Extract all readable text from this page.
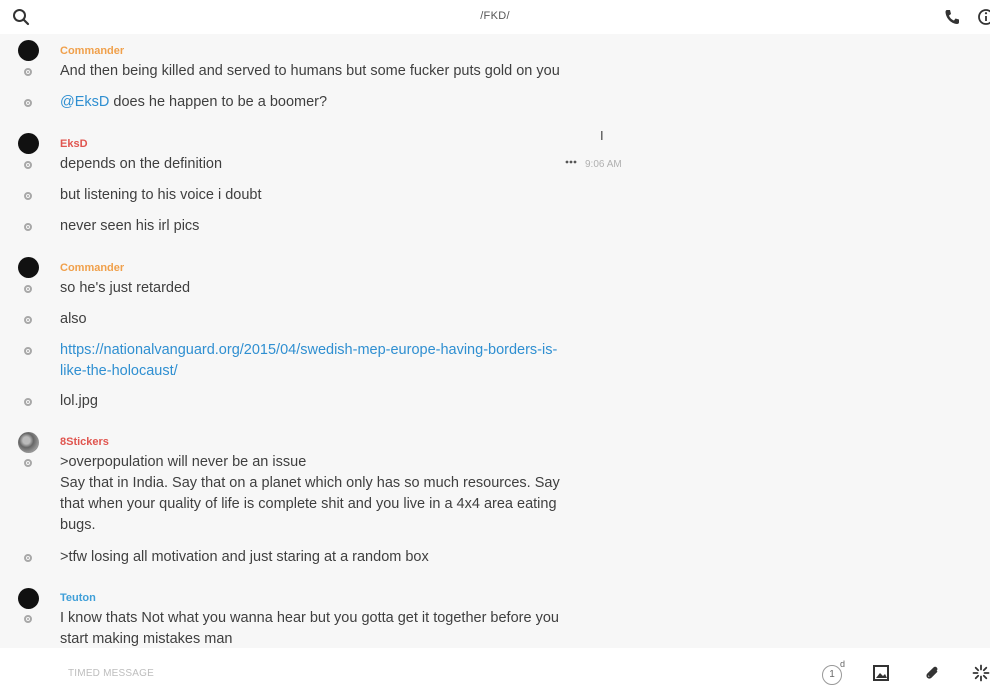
/FKD/
Commander
And then being killed and served to humans but some fucker puts gold on you
@EksD does he happen to be a boomer?
EksD
depends on the definition	9:06 AM
but listening to his voice i doubt
never seen his irl pics
Commander
so he's just retarded
also
https://nationalvanguard.org/2015/04/swedish-mep-europe-having-borders-is-like-the-holocaust/
lol.jpg
8Stickers
>overpopulation will never be an issue
Say that in India. Say that on a planet which only has so much resources. Say that when your quality of life is complete shit and you live in a 4x4 area eating bugs.
>tfw losing all motivation and just staring at a random box
Teuton
I know thats Not what you wanna hear but you gotta get it together before you start making mistakes man
I
TIMED MESSAGE	1
d
